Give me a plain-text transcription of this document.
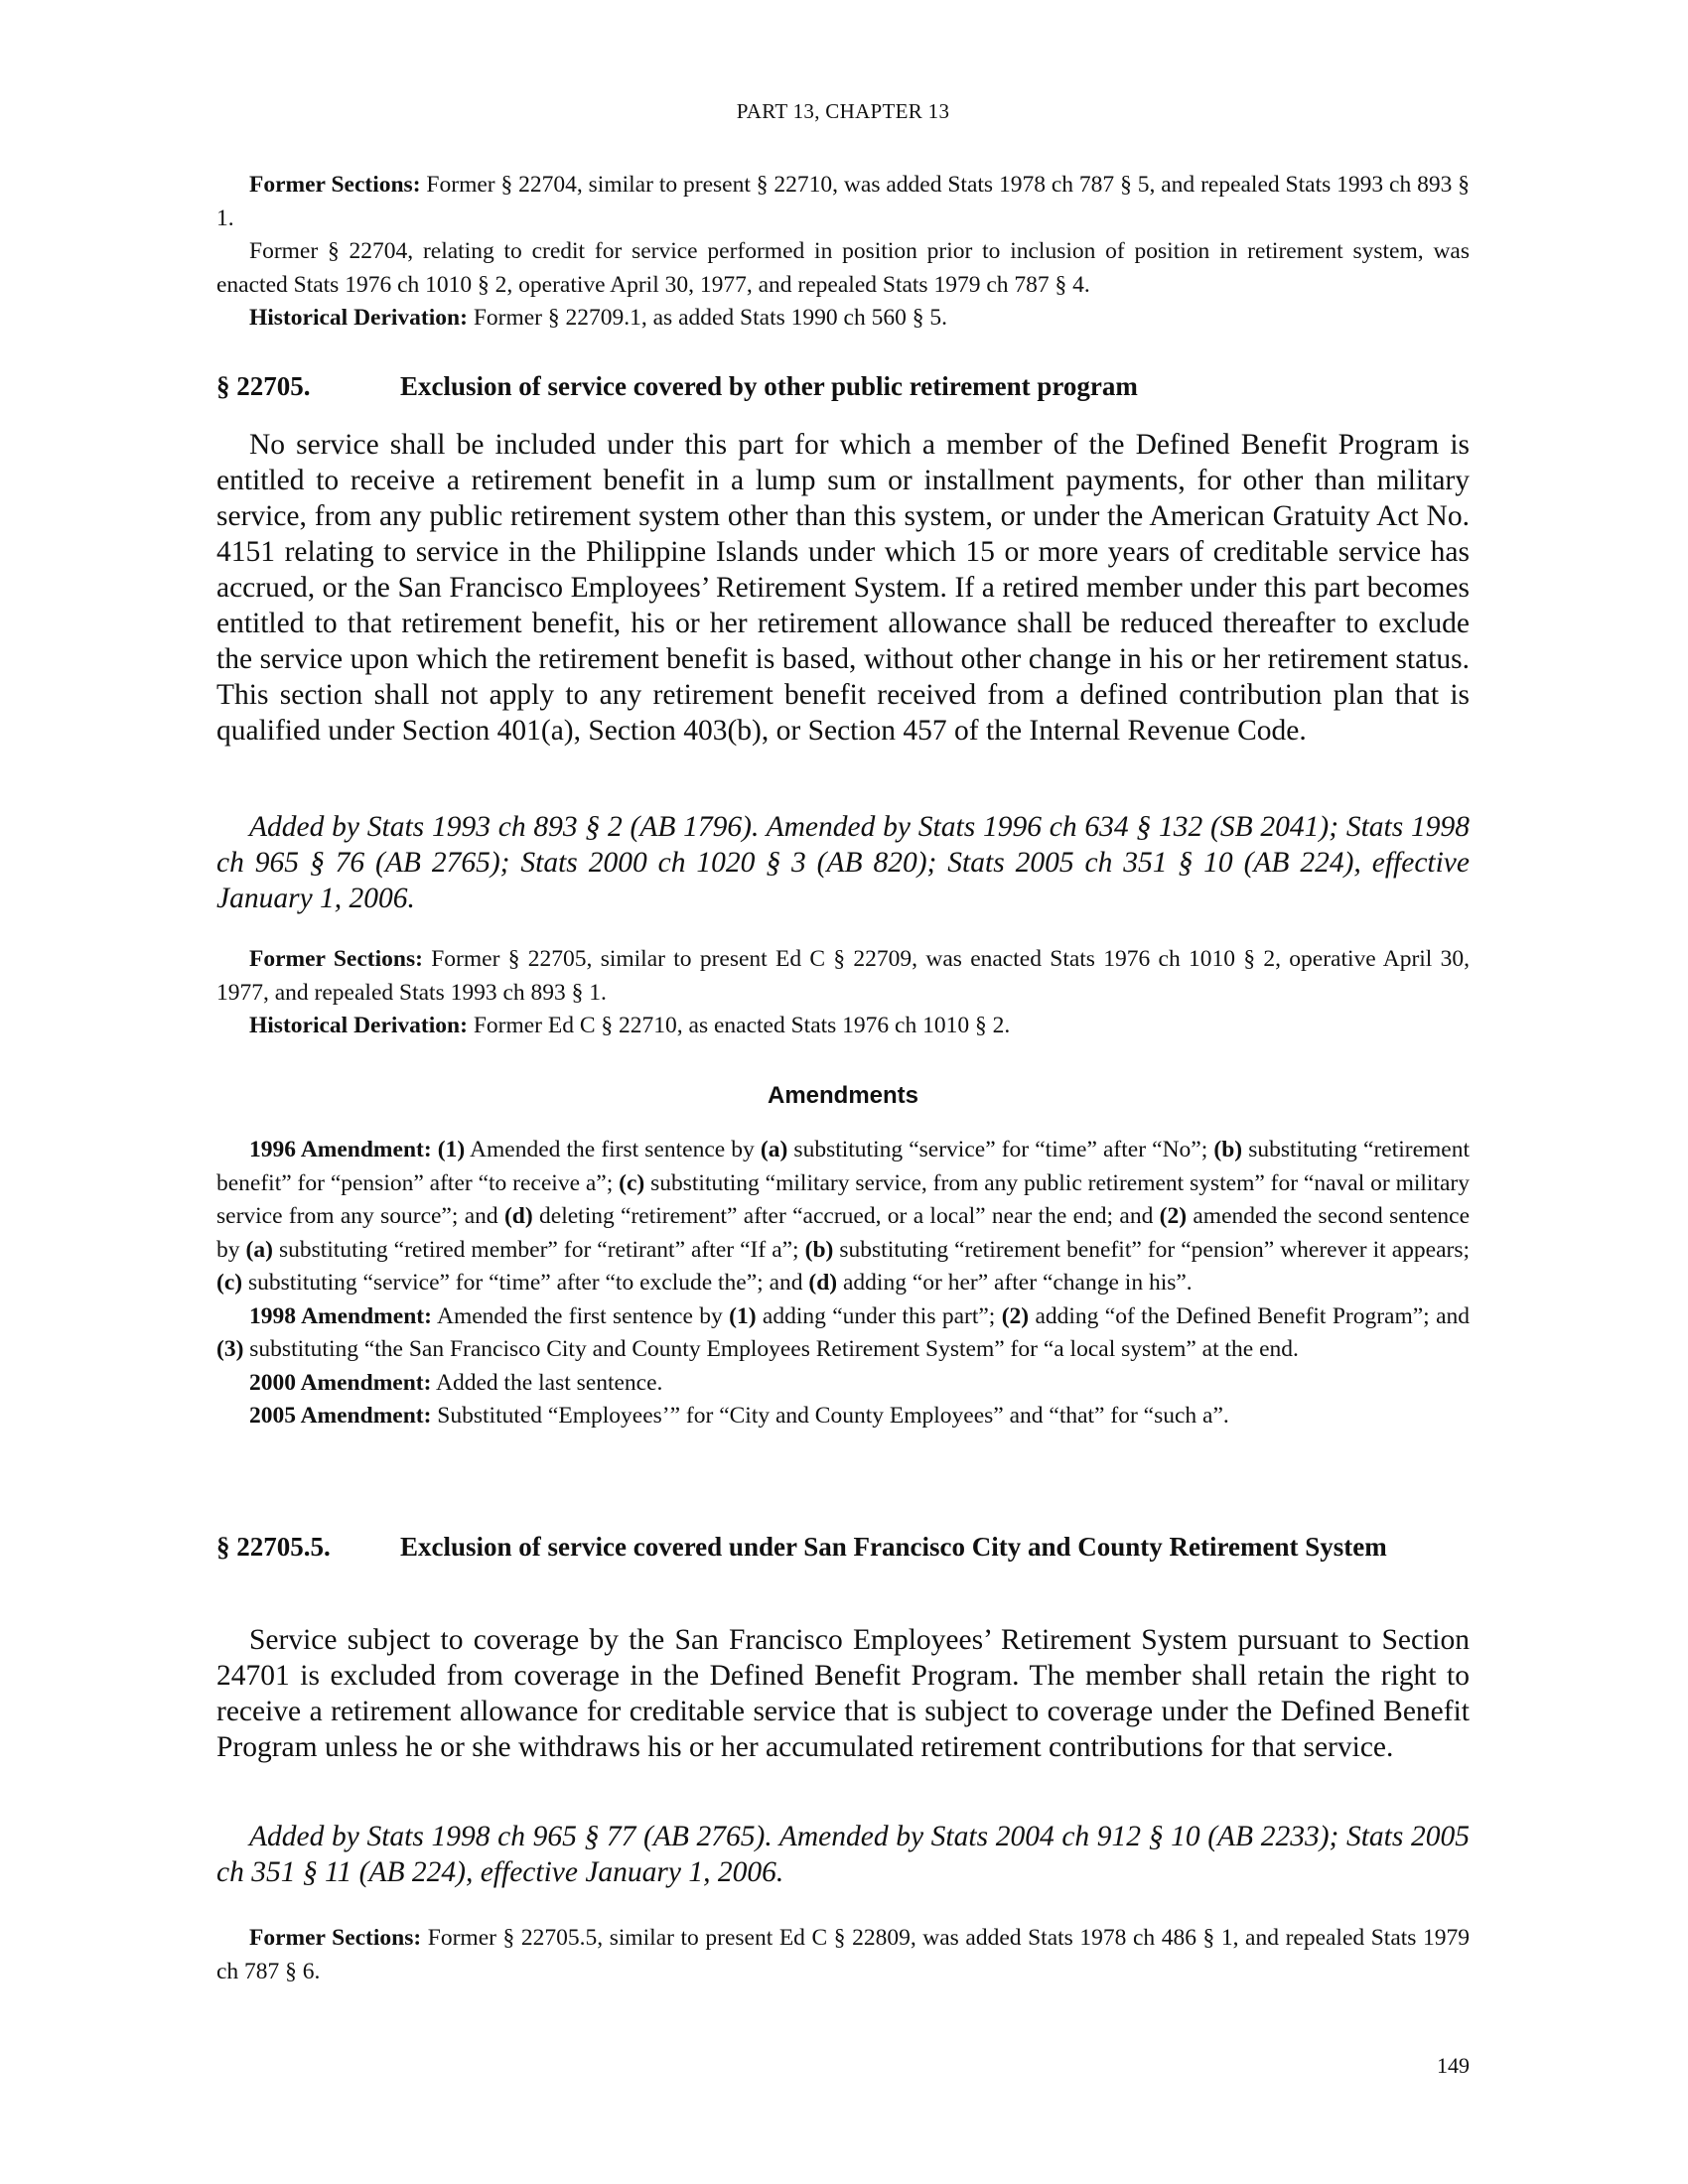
PART 13, CHAPTER 13

Former Sections: Former § 22704, similar to present § 22710, was added Stats 1978 ch 787 § 5, and repealed Stats 1993 ch 893 § 1.

Former § 22704, relating to credit for service performed in position prior to inclusion of position in retirement system, was enacted Stats 1976 ch 1010 § 2, operative April 30, 1977, and repealed Stats 1979 ch 787 § 4.

Historical Derivation: Former § 22709.1, as added Stats 1990 ch 560 § 5.

§ 22705.	Exclusion of service covered by other public retirement program

No service shall be included under this part for which a member of the Defined Benefit Program is entitled to receive a retirement benefit in a lump sum or installment payments, for other than military service, from any public retirement system other than this system, or under the American Gratuity Act No. 4151 relating to service in the Philippine Islands under which 15 or more years of creditable service has accrued, or the San Francisco Employees’ Retirement System. If a retired member under this part becomes entitled to that retirement benefit, his or her retirement allowance shall be reduced thereafter to exclude the service upon which the retirement benefit is based, without other change in his or her retirement status. This section shall not apply to any retirement benefit received from a defined contribution plan that is qualified under Section 401(a), Section 403(b), or Section 457 of the Internal Revenue Code.

Added by Stats 1993 ch 893 § 2 (AB 1796). Amended by Stats 1996 ch 634 § 132 (SB 2041); Stats 1998 ch 965 § 76 (AB 2765); Stats 2000 ch 1020 § 3 (AB 820); Stats 2005 ch 351 § 10 (AB 224), effective January 1, 2006.

Former Sections: Former § 22705, similar to present Ed C § 22709, was enacted Stats 1976 ch 1010 § 2, operative April 30, 1977, and repealed Stats 1993 ch 893 § 1.

Historical Derivation: Former Ed C § 22710, as enacted Stats 1976 ch 1010 § 2.

Amendments

1996 Amendment: (1) Amended the first sentence by (a) substituting “service” for “time” after “No”; (b) substituting “retirement benefit” for “pension” after “to receive a”; (c) substituting “military service, from any public retirement system” for “naval or military service from any source”; and (d) deleting “retirement” after “accrued, or a local” near the end; and (2) amended the second sentence by (a) substituting “retired member” for “retirant” after “If a”; (b) substituting “retirement benefit” for “pension” wherever it appears; (c) substituting “service” for “time” after “to exclude the”; and (d) adding “or her” after “change in his”.

1998 Amendment: Amended the first sentence by (1) adding “under this part”; (2) adding “of the Defined Benefit Program”; and (3) substituting “the San Francisco City and County Employees Retirement System” for “a local system” at the end.

2000 Amendment: Added the last sentence.

2005 Amendment: Substituted “Employees’” for “City and County Employees” and “that” for “such a”.

§ 22705.5.	Exclusion of service covered under San Francisco City and County Retirement System

Service subject to coverage by the San Francisco Employees’ Retirement System pursuant to Section 24701 is excluded from coverage in the Defined Benefit Program. The member shall retain the right to receive a retirement allowance for creditable service that is subject to coverage under the Defined Benefit Program unless he or she withdraws his or her accumulated retirement contributions for that service.

Added by Stats 1998 ch 965 § 77 (AB 2765). Amended by Stats 2004 ch 912 § 10 (AB 2233); Stats 2005 ch 351 § 11 (AB 224), effective January 1, 2006.

Former Sections: Former § 22705.5, similar to present Ed C § 22809, was added Stats 1978 ch 486 § 1, and repealed Stats 1979 ch 787 § 6.

149
